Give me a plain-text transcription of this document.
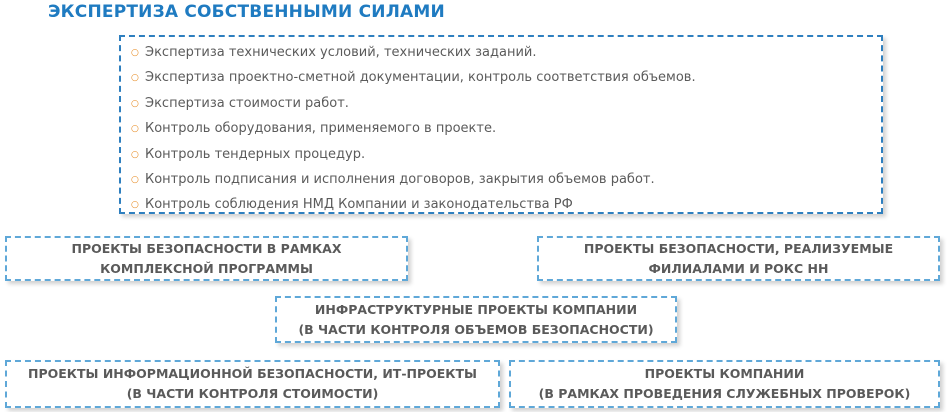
ЭКСПЕРТИЗА СОБСТВЕННЫМИ СИЛАМИ
○ Экспертиза технических условий, технических заданий.
○ Экспертиза проектно-сметной документации, контроль соответствия объемов.
○ Экспертиза стоимости работ.
○ Контроль оборудования, применяемого в проекте.
○ Контроль тендерных процедур.
○ Контроль подписания и исполнения договоров, закрытия объемов работ.
○ Контроль соблюдения НМД Компании и законодательства РФ
ПРОЕКТЫ БЕЗОПАСНОСТИ В РАМКАХ
КОМПЛЕКСНОЙ ПРОГРАММЫ
ПРОЕКТЫ БЕЗОПАСНОСТИ, РЕАЛИЗУЕМЫЕ
ФИЛИАЛАМИ И РОКС НН
ИНФРАСТРУКТУРНЫЕ ПРОЕКТЫ КОМПАНИИ
(В ЧАСТИ КОНТРОЛЯ ОБЪЕМОВ БЕЗОПАСНОСТИ)
ПРОЕКТЫ ИНФОРМАЦИОННОЙ БЕЗОПАСНОСТИ, ИТ-ПРОЕКТЫ
(В ЧАСТИ КОНТРОЛЯ СТОИМОСТИ)
ПРОЕКТЫ КОМПАНИИ
(В РАМКАХ ПРОВЕДЕНИЯ СЛУЖЕБНЫХ ПРОВЕРОК)
